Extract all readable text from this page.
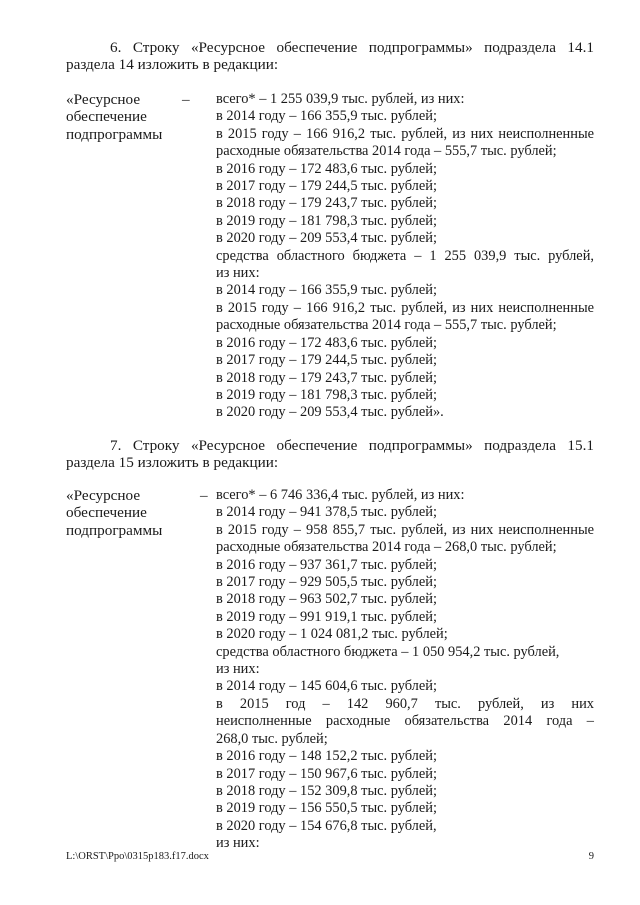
6. Строку «Ресурсное обеспечение подпрограммы» подраздела 14.1
раздела 14 изложить в редакции:
«Ресурсное
обеспечение
подпрограммы
– всего* – 1 255 039,9 тыс. рублей, из них:
в 2014 году – 166 355,9 тыс. рублей;
в 2015 году – 166 916,2 тыс. рублей, из них неисполненные
расходные обязательства 2014 года – 555,7 тыс. рублей;
в 2016 году – 172 483,6 тыс. рублей;
в 2017 году – 179 244,5 тыс. рублей;
в 2018 году – 179 243,7 тыс. рублей;
в 2019 году – 181 798,3 тыс. рублей;
в 2020 году – 209 553,4 тыс. рублей;
средства областного бюджета – 1 255 039,9 тыс. рублей,
из них:
в 2014 году – 166 355,9 тыс. рублей;
в 2015 году – 166 916,2 тыс. рублей, из них неисполненные
расходные обязательства 2014 года – 555,7 тыс. рублей;
в 2016 году – 172 483,6 тыс. рублей;
в 2017 году – 179 244,5 тыс. рублей;
в 2018 году – 179 243,7 тыс. рублей;
в 2019 году – 181 798,3 тыс. рублей;
в 2020 году – 209 553,4 тыс. рублей».
7. Строку «Ресурсное обеспечение подпрограммы» подраздела 15.1
раздела 15 изложить в редакции:
«Ресурсное
обеспечение
подпрограммы
– всего* – 6 746 336,4 тыс. рублей, из них:
в 2014 году – 941 378,5 тыс. рублей;
в 2015 году – 958 855,7 тыс. рублей, из них неисполненные
расходные обязательства 2014 года – 268,0 тыс. рублей;
в 2016 году – 937 361,7 тыс. рублей;
в 2017 году – 929 505,5 тыс. рублей;
в 2018 году – 963 502,7 тыс. рублей;
в 2019 году – 991 919,1 тыс. рублей;
в 2020 году – 1 024 081,2 тыс. рублей;
средства областного бюджета – 1 050 954,2 тыс. рублей,
из них:
в 2014 году – 145 604,6 тыс. рублей;
в 2015 год – 142 960,7 тыс. рублей, из них
неисполненные расходные обязательства 2014 года –
268,0 тыс. рублей;
в 2016 году – 148 152,2 тыс. рублей;
в 2017 году – 150 967,6 тыс. рублей;
в 2018 году – 152 309,8 тыс. рублей;
в 2019 году – 156 550,5 тыс. рублей;
в 2020 году – 154 676,8 тыс. рублей,
из них:
L:\ORST\Ppo\0315p183.f17.docx	9
